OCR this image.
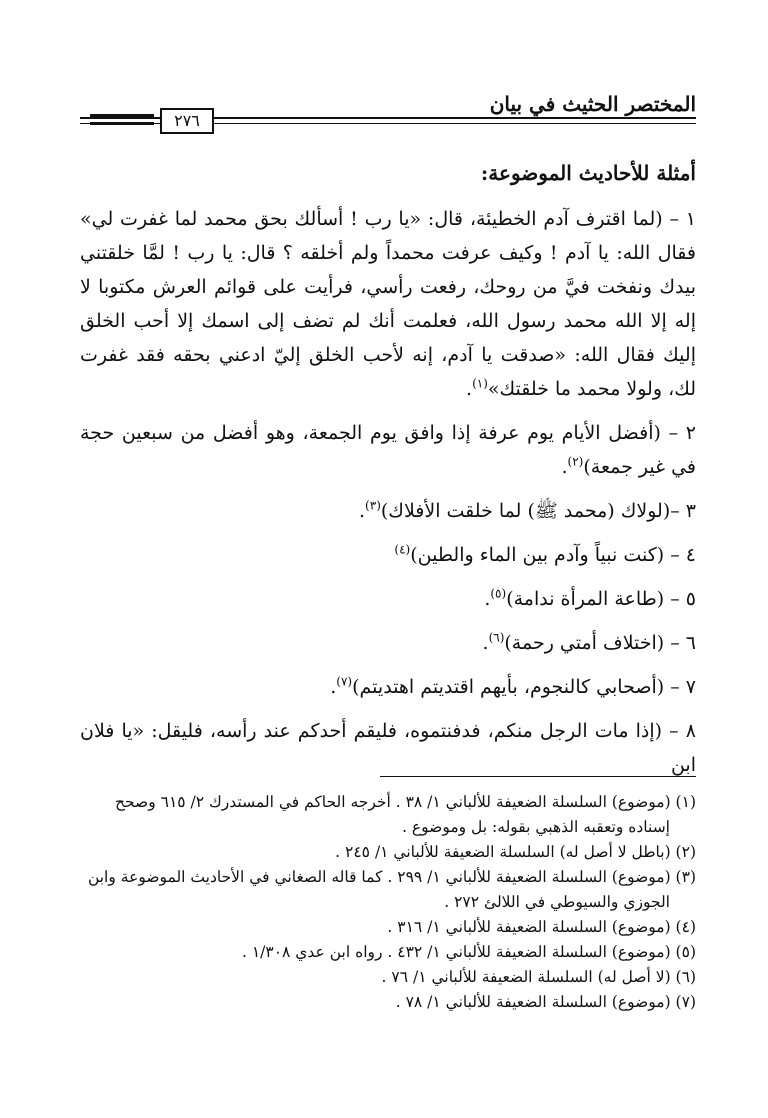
المختصر الحثيث في بيان
٢٧٦
أمثلة للأحاديث الموضوعة:

١ – (لما اقترف آدم الخطيئة، قال: «يا رب ! أسألك بحق محمد لما غفرت لي» فقال الله: يا آدم ! وكيف عرفت محمداً ولم أخلقه ؟ قال: يا رب ! لمَّا خلقتني بيدك ونفخت فيَّ من روحك، رفعت رأسي، فرأيت على قوائم العرش مكتوبا لا إله إلا الله محمد رسول الله، فعلمت أنك لم تضف إلى اسمك إلا أحب الخلق إليك فقال الله: «صدقت يا آدم، إنه لأحب الخلق إليّ ادعني بحقه فقد غفرت لك، ولولا محمد ما خلقتك»$^{(١)}$.

٢ – (أفضل الأيام يوم عرفة إذا وافق يوم الجمعة، وهو أفضل من سبعين حجة في غير جمعة)$^{(٢)}$.

٣ –(لولاك (محمد ﷺ) لما خلقت الأفلاك)$^{(٣)}$.

٤ – (كنت نبياً وآدم بين الماء والطين)$^{(٤)}$

٥ – (طاعة المرأة ندامة)$^{(٥)}$.

٦ – (اختلاف أمتي رحمة)$^{(٦)}$.

٧ – (أصحابي كالنجوم، بأيهم اقتديتم اهتديتم)$^{(٧)}$.

٨ – (إذا مات الرجل منكم، فدفنتموه، فليقم أحدكم عند رأسه، فليقل: «يا فلان ابن

(١) (موضوع) السلسلة الضعيفة للألباني ١/ ٣٨ . أخرجه الحاكم في المستدرك ٢/ ٦١٥ وصحح إسناده وتعقبه الذهبي بقوله: بل وموضوع .

(٢) (باطل لا أصل له) السلسلة الضعيفة للألباني ١/ ٢٤٥ .

(٣) (موضوع) السلسلة الضعيفة للألباني ١/ ٢٩٩ . كما قاله الصغاني في الأحاديث الموضوعة وابن الجوزي والسيوطي في اللالئ ٢٧٢ .

(٤) (موضوع) السلسلة الضعيفة للألباني ١/ ٣١٦ .

(٥) (موضوع) السلسلة الضعيفة للألباني ١/ ٤٣٢ . رواه ابن عدي ١/٣٠٨ .

(٦) (لا أصل له) السلسلة الضعيفة للألباني ١/ ٧٦ .

(٧) (موضوع) السلسلة الضعيفة للألباني ١/ ٧٨ .
